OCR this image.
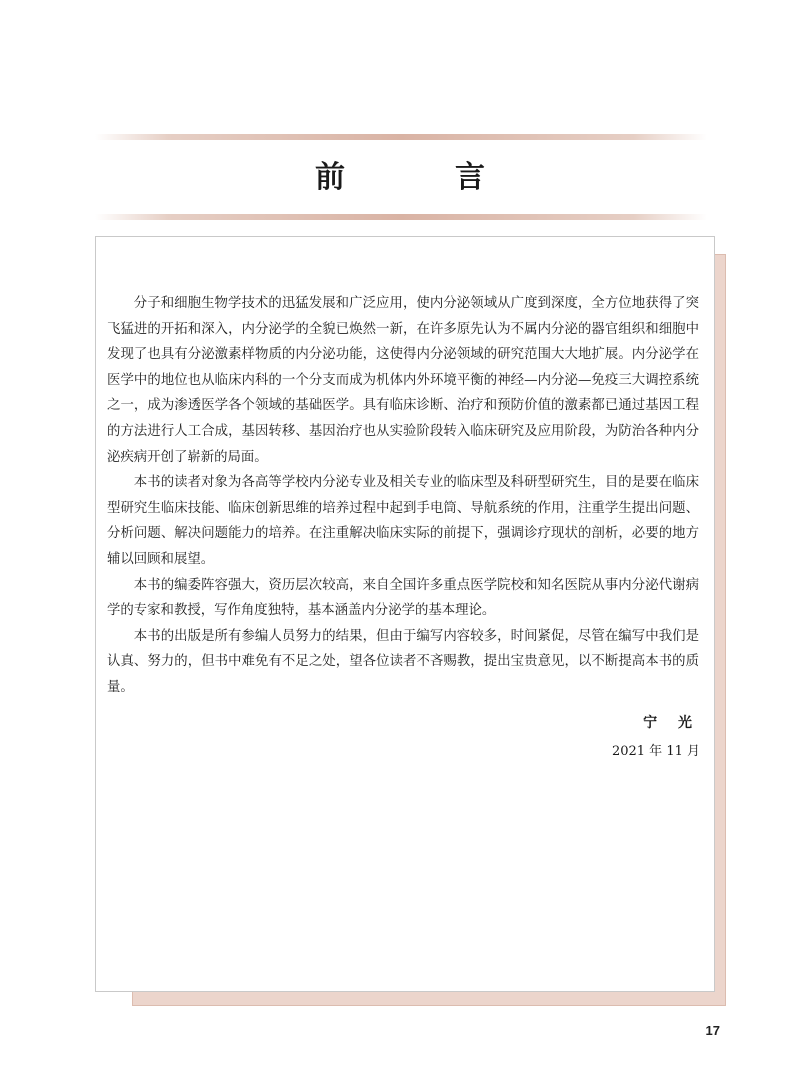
前　言

分子和细胞生物学技术的迅猛发展和广泛应用，使内分泌领域从广度到深度，全方位地获得了突飞猛进的开拓和深入，内分泌学的全貌已焕然一新，在许多原先认为不属内分泌的器官组织和细胞中发现了也具有分泌激素样物质的内分泌功能，这使得内分泌领域的研究范围大大地扩展。内分泌学在医学中的地位也从临床内科的一个分支而成为机体内外环境平衡的神经—内分泌—免疫三大调控系统之一，成为渗透医学各个领域的基础医学。具有临床诊断、治疗和预防价值的激素都已通过基因工程的方法进行人工合成，基因转移、基因治疗也从实验阶段转入临床研究及应用阶段，为防治各种内分泌疾病开创了崭新的局面。

本书的读者对象为各高等学校内分泌专业及相关专业的临床型及科研型研究生，目的是要在临床型研究生临床技能、临床创新思维的培养过程中起到手电筒、导航系统的作用，注重学生提出问题、分析问题、解决问题能力的培养。在注重解决临床实际的前提下，强调诊疗现状的剖析，必要的地方辅以回顾和展望。

本书的编委阵容强大，资历层次较高，来自全国许多重点医学院校和知名医院从事内分泌代谢病学的专家和教授，写作角度独特，基本涵盖内分泌学的基本理论。

本书的出版是所有参编人员努力的结果，但由于编写内容较多，时间紧促，尽管在编写中我们是认真、努力的，但书中难免有不足之处，望各位读者不吝赐教，提出宝贵意见，以不断提高本书的质量。

宁 光
2021 年 11 月
17
